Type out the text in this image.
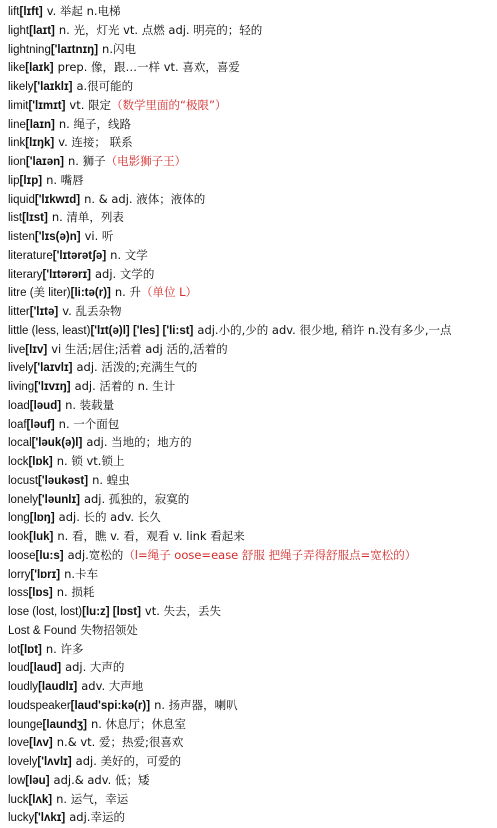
lift[lɪft] v. 举起 n.电梯
light[laɪt] n. 光，灯光 vt. 点燃 adj. 明亮的；轻的
lightning['laɪtnɪŋ] n.闪电
like[laɪk] prep. 像，跟…一样 vt. 喜欢，喜爱
likely['laɪklɪ] a.很可能的
limit['lɪmɪt] vt. 限定（数学里面的“极限”）
line[laɪn] n. 绳子，线路
link[lɪŋk] v. 连接； 联系
lion['laɪən] n. 狮子（电影狮子王）
lip[lɪp] n. 嘴唇
liquid['lɪkwɪd] n. & adj. 液体；液体的
list[lɪst] n. 清单，列表
listen['lɪs(ə)n] vi. 听
literature['lɪtərətʃə] n. 文学
literary['lɪtərərɪ] adj. 文学的
litre (美 liter)[li:tə(r)] n. 升（单位 L）
litter['lɪtə] v. 乱丢杂物
little (less, least)['lɪt(ə)l] ['les] ['li:st] adj.小的,少的 adv. 很少地, 稍许 n.没有多少,一点
live[lɪv] vi 生活;居住;活着 adj 活的,活着的
lively['laɪvlɪ] adj. 活泼的;充满生气的
living['lɪvɪŋ] adj. 活着的 n. 生计
load[ləud] n. 装载量
loaf[ləuf] n. 一个面包
local['ləuk(ə)l] adj. 当地的；地方的
lock[lɒk] n. 锁 vt.锁上
locust['ləukəst] n. 蝗虫
lonely['ləunlɪ] adj. 孤独的，寂寞的
long[lɒŋ] adj. 长的 adv. 长久
look[luk] n. 看，瞧 v. 看，观看 v. link 看起来
loose[lu:s] adj.宽松的（l=绳子 oose=ease 舒服 把绳子弄得舒服点=宽松的）
lorry['lɒrɪ] n.卡车
loss[lɒs] n. 损耗
lose (lost, lost)[lu:z] [lɒst] vt. 失去，丢失
Lost & Found 失物招领处
lot[lɒt] n. 许多
loud[laud] adj. 大声的
loudly[laudlɪ] adv. 大声地
loudspeaker[laud'spi:kə(r)] n. 扬声器，喇叭
lounge[laundʒ] n. 休息厅；休息室
love[lʌv] n.& vt. 爱；热爱;很喜欢
lovely['lʌvlɪ] adj. 美好的，可爱的
low[ləu] adj.& adv. 低；矮
luck[lʌk] n. 运气，幸运
lucky['lʌkɪ] adj.幸运的
